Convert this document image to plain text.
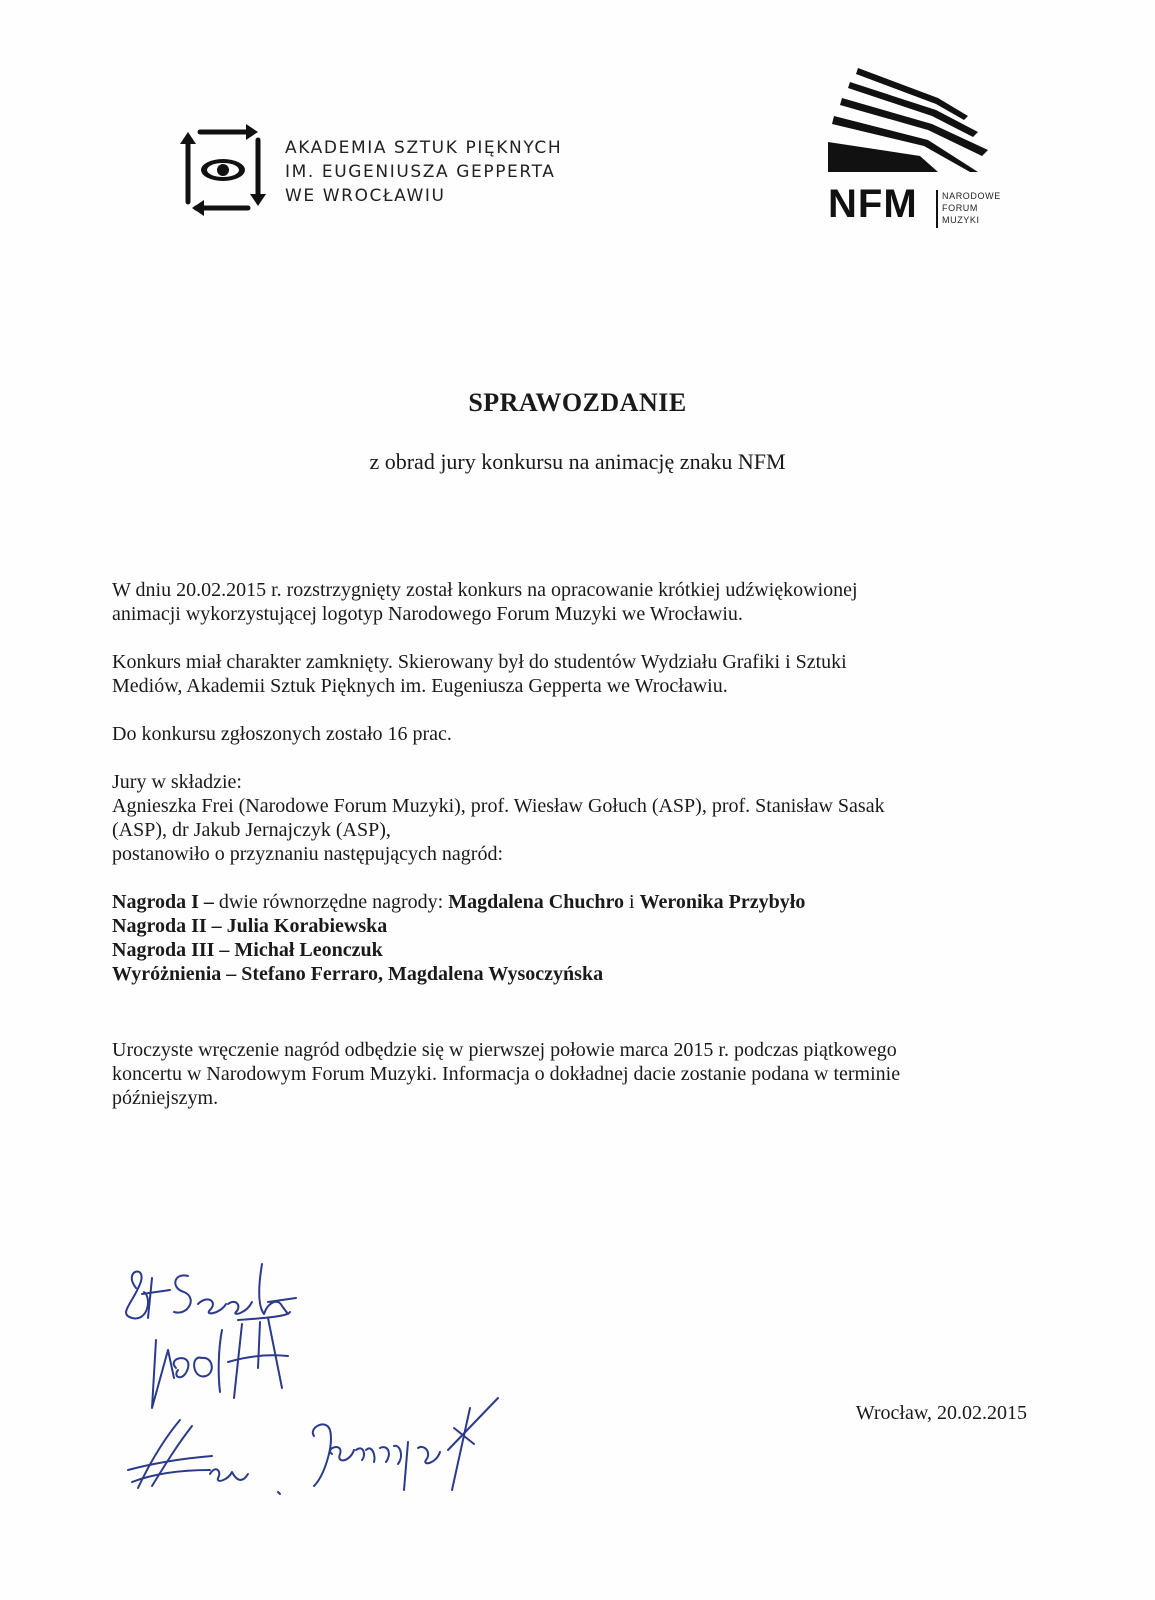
AKADEMIA SZTUK PIĘKNYCH
IM. EUGENIUSZA GEPPERTA
WE WROCŁAWIU	NFM	NARODOWE
FORUM
MUZYKI
SPRAWOZDANIE
z obrad jury konkursu na animację znaku NFM

W dniu 20.02.2015 r. rozstrzygnięty został konkurs na opracowanie krótkiej udźwiękowionej
animacji wykorzystującej logotyp Narodowego Forum Muzyki we Wrocławiu.

Konkurs miał charakter zamknięty. Skierowany był do studentów Wydziału Grafiki i Sztuki
Mediów, Akademii Sztuk Pięknych im. Eugeniusza Gepperta we Wrocławiu.

Do konkursu zgłoszonych zostało 16 prac.

Jury w składzie:
Agnieszka Frei (Narodowe Forum Muzyki), prof. Wiesław Gołuch (ASP), prof. Stanisław Sasak
(ASP), dr Jakub Jernajczyk (ASP),
postanowiło o przyznaniu następujących nagród:

Nagroda I – dwie równorzędne nagrody: Magdalena Chuchro i Weronika Przybyło
Nagroda II – Julia Korabiewska
Nagroda III – Michał Leonczuk
Wyróżnienia – Stefano Ferraro, Magdalena Wysoczyńska

Uroczyste wręczenie nagród odbędzie się w pierwszej połowie marca 2015 r. podczas piątkowego
koncertu w Narodowym Forum Muzyki. Informacja o dokładnej dacie zostanie podana w terminie
późniejszym.

Wrocław, 20.02.2015
